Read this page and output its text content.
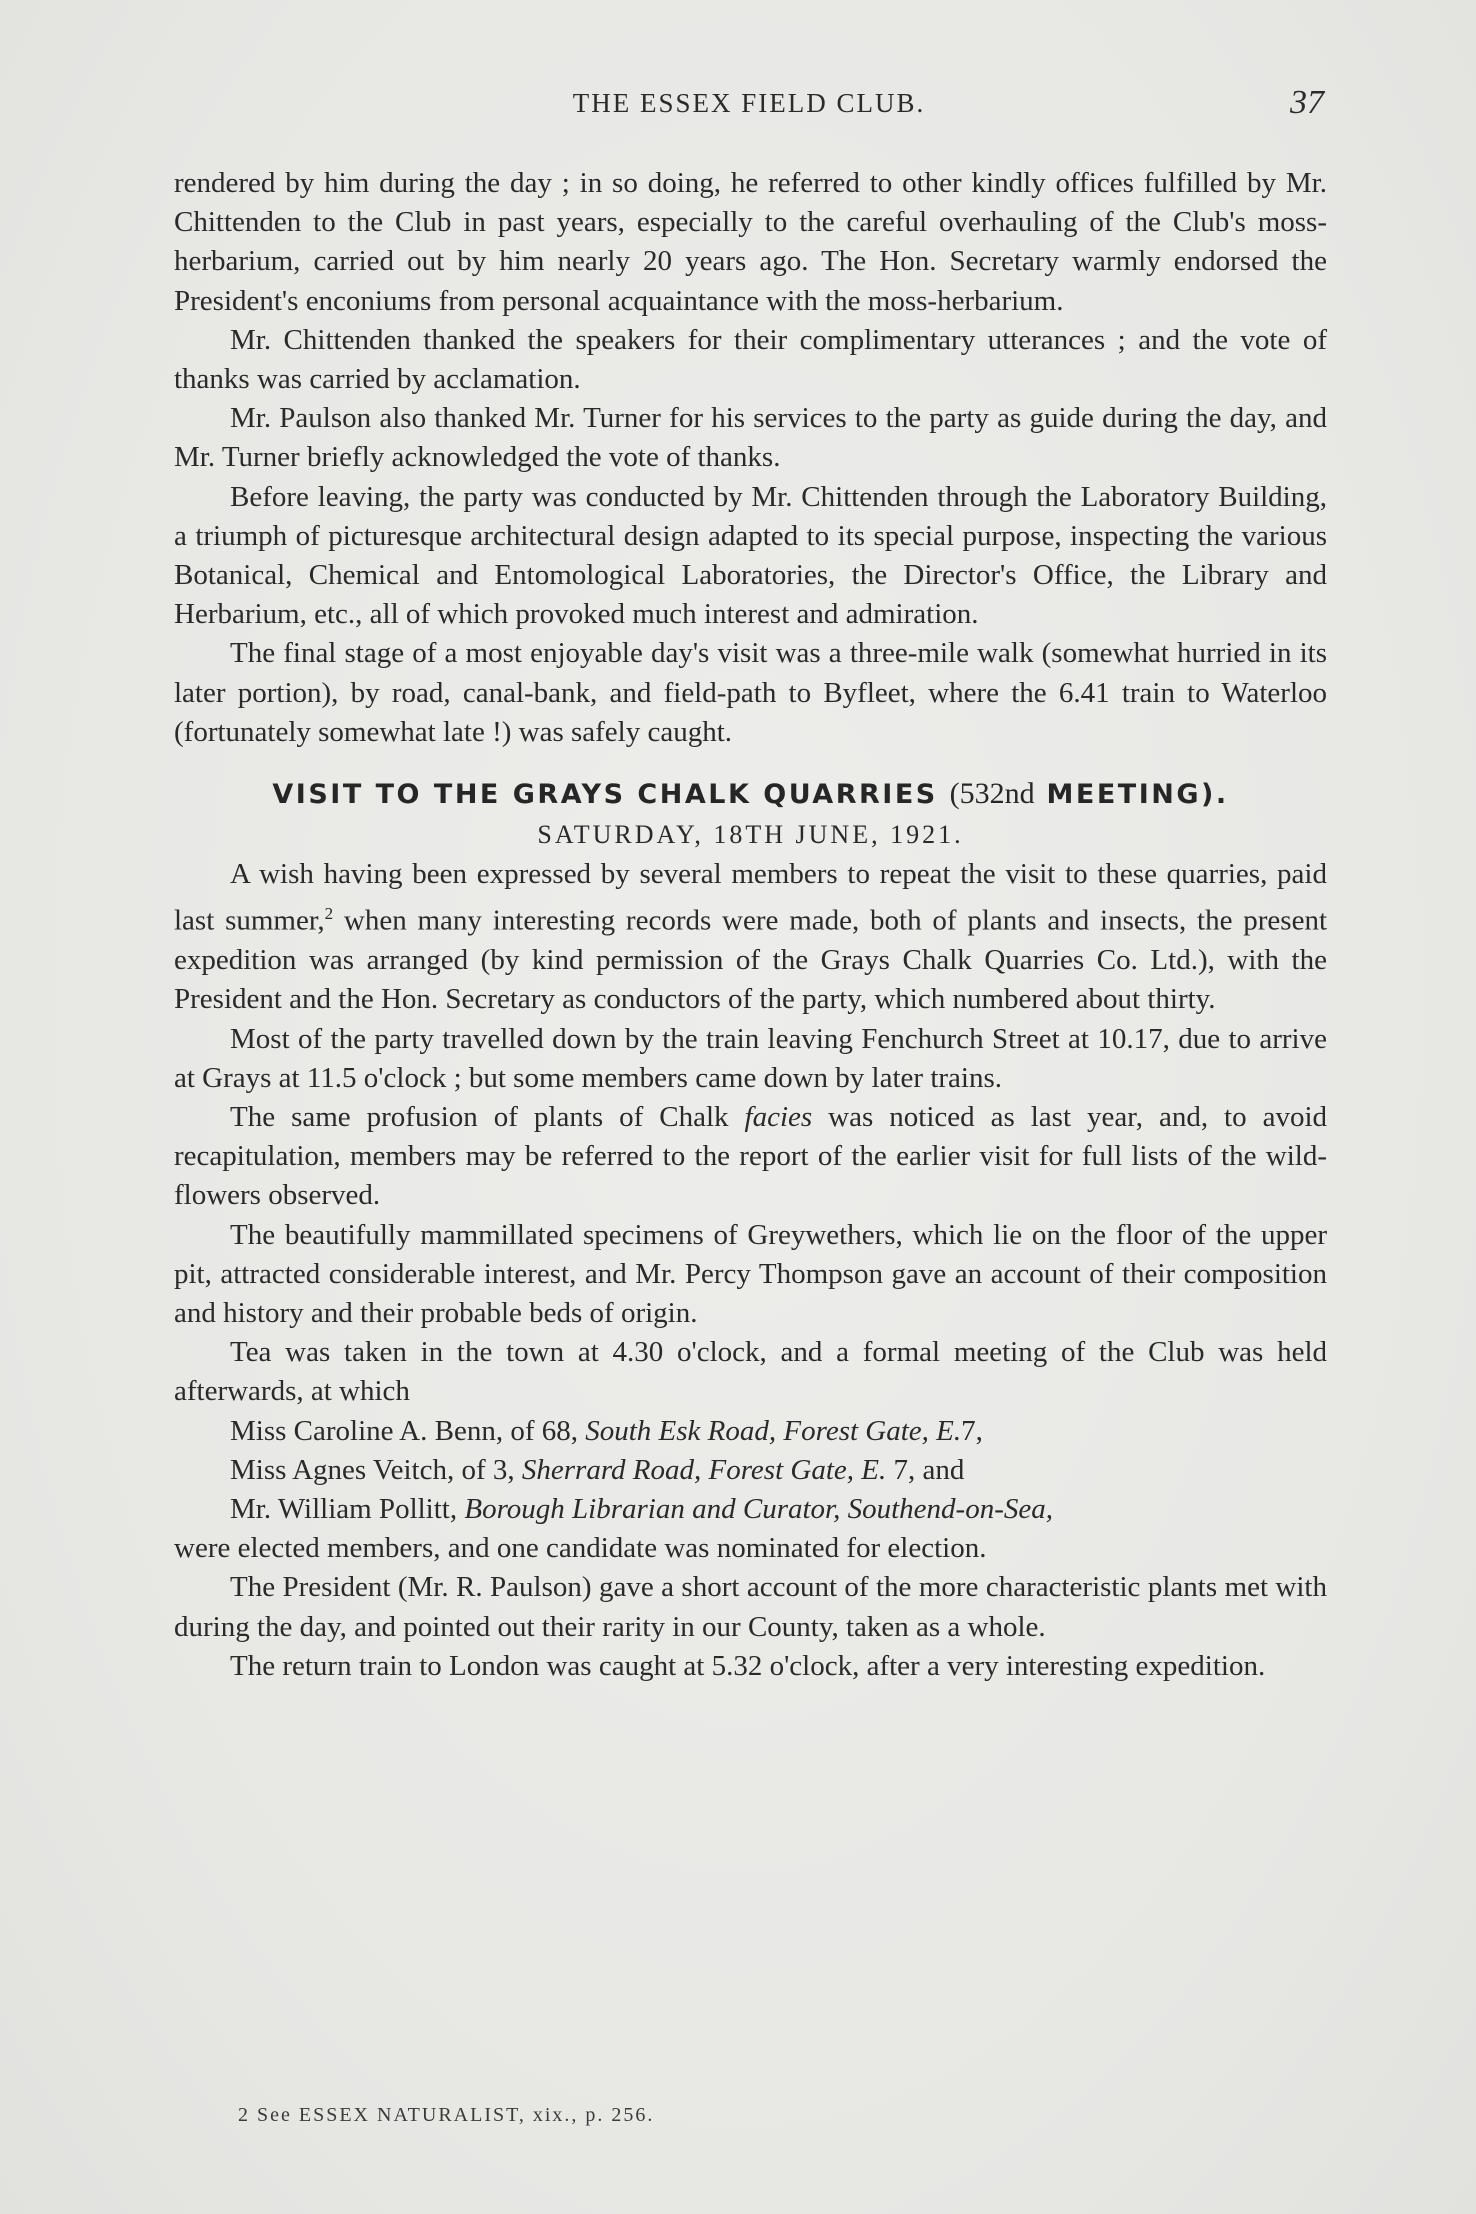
THE ESSEX FIELD CLUB.	37

rendered by him during the day ; in so doing, he referred to other kindly offices fulfilled by Mr. Chittenden to the Club in past years, especially to the careful overhauling of the Club's moss-herbarium, carried out by him nearly 20 years ago. The Hon. Secretary warmly endorsed the President's enconiums from personal acquaintance with the moss-herbarium.

Mr. Chittenden thanked the speakers for their complimentary utterances ; and the vote of thanks was carried by acclamation.

Mr. Paulson also thanked Mr. Turner for his services to the party as guide during the day, and Mr. Turner briefly acknowledged the vote of thanks.

Before leaving, the party was conducted by Mr. Chittenden through the Laboratory Building, a triumph of picturesque architectural design adapted to its special purpose, inspecting the various Botanical, Chemical and Entomological Laboratories, the Director's Office, the Library and Herbarium, etc., all of which provoked much interest and admiration.

The final stage of a most enjoyable day's visit was a three-mile walk (somewhat hurried in its later portion), by road, canal-bank, and field-path to Byfleet, where the 6.41 train to Waterloo (fortunately somewhat late !) was safely caught.

VISIT TO THE GRAYS CHALK QUARRIES (532nd MEETING).
SATURDAY, 18TH JUNE, 1921.

A wish having been expressed by several members to repeat the visit to these quarries, paid last summer,$^2$ when many interesting records were made, both of plants and insects, the present expedition was arranged (by kind permission of the Grays Chalk Quarries Co. Ltd.), with the President and the Hon. Secretary as conductors of the party, which numbered about thirty.

Most of the party travelled down by the train leaving Fenchurch Street at 10.17, due to arrive at Grays at 11.5 o'clock ; but some members came down by later trains.

The same profusion of plants of Chalk facies was noticed as last year, and, to avoid recapitulation, members may be referred to the report of the earlier visit for full lists of the wild-flowers observed.

The beautifully mammillated specimens of Greywethers, which lie on the floor of the upper pit, attracted considerable interest, and Mr. Percy Thompson gave an account of their composition and history and their probable beds of origin.

Tea was taken in the town at 4.30 o'clock, and a formal meeting of the Club was held afterwards, at which

Miss Caroline A. Benn, of 68, South Esk Road, Forest Gate, E.7,

Miss Agnes Veitch, of 3, Sherrard Road, Forest Gate, E. 7, and

Mr. William Pollitt, Borough Librarian and Curator, Southend-on-Sea,

were elected members, and one candidate was nominated for election.

The President (Mr. R. Paulson) gave a short account of the more characteristic plants met with during the day, and pointed out their rarity in our County, taken as a whole.

The return train to London was caught at 5.32 o'clock, after a very interesting expedition.

2 See ESSEX NATURALIST, xix., p. 256.
